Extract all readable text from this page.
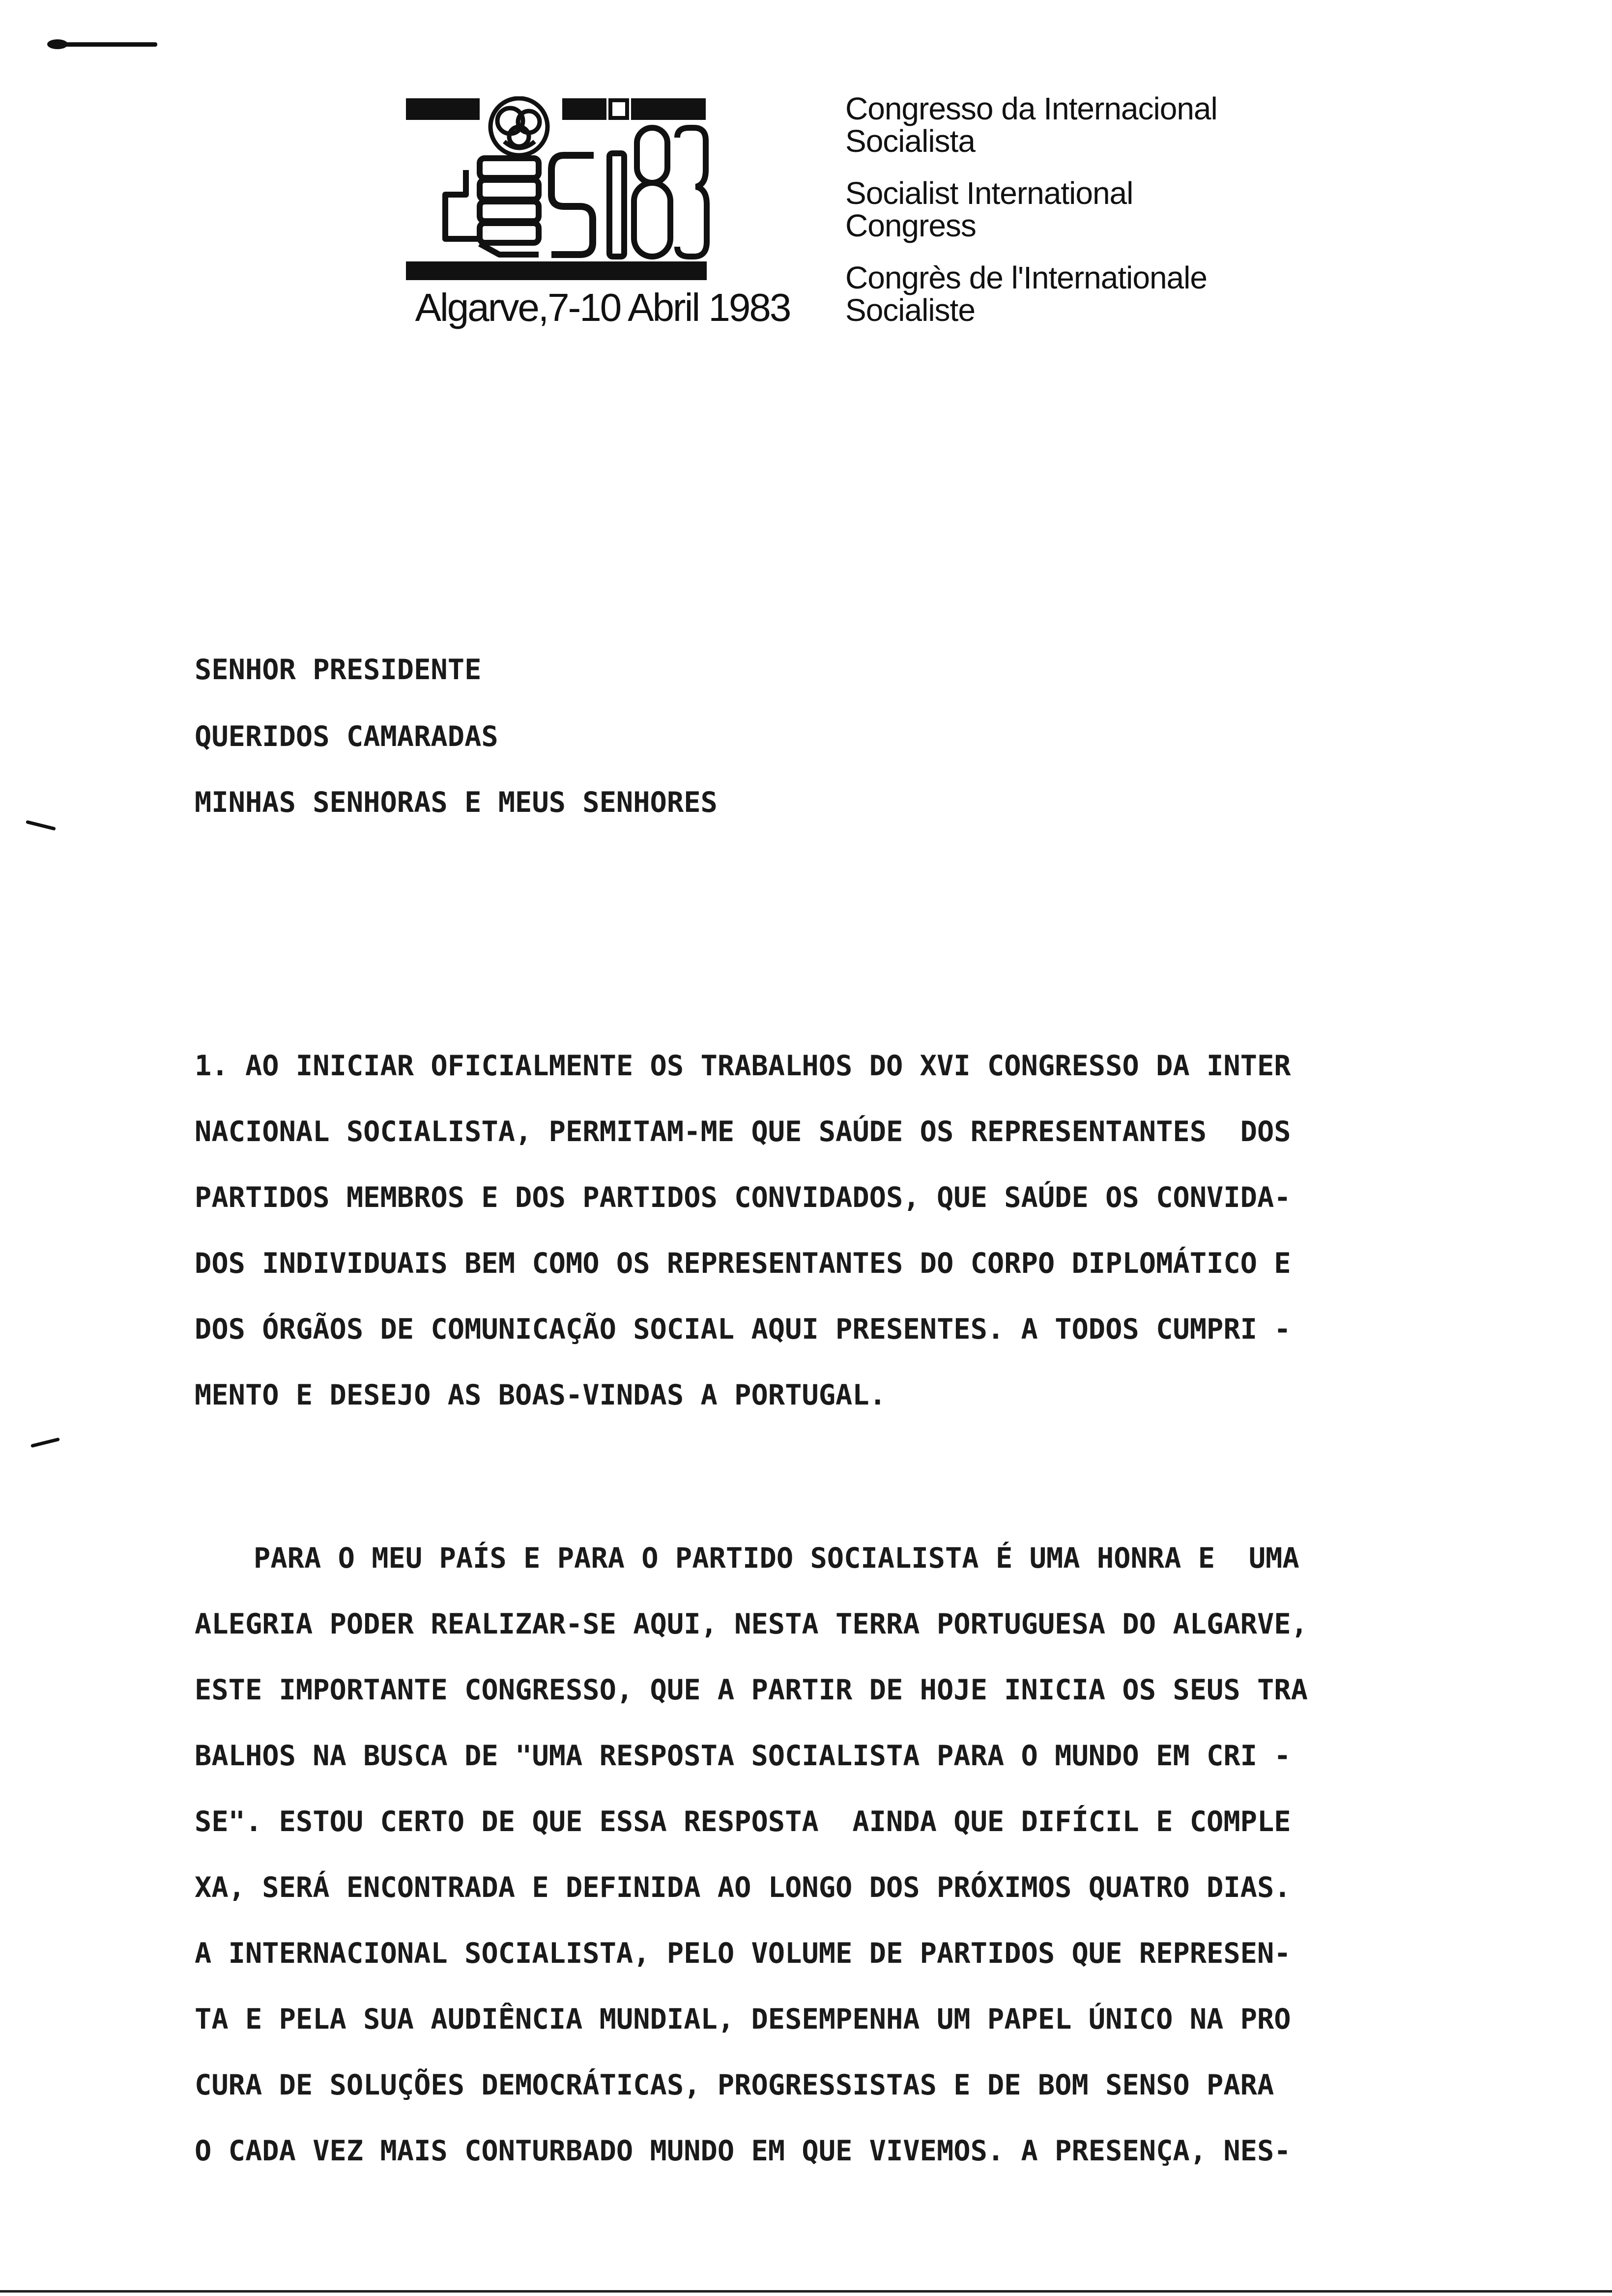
Algarve,7-10 Abril 1983
Congresso da Internacional
Socialista
Socialist International
Congress
Congrès de l'Internationale
Socialiste
SENHOR PRESIDENTE
QUERIDOS CAMARADAS
MINHAS SENHORAS E MEUS SENHORES
1. AO INICIAR OFICIALMENTE OS TRABALHOS DO XVI CONGRESSO DA INTER
NACIONAL SOCIALISTA, PERMITAM-ME QUE SAÚDE OS REPRESENTANTES  DOS
PARTIDOS MEMBROS E DOS PARTIDOS CONVIDADOS, QUE SAÚDE OS CONVIDA-
DOS INDIVIDUAIS BEM COMO OS REPRESENTANTES DO CORPO DIPLOMÁTICO E
DOS ÓRGÃOS DE COMUNICAÇÃO SOCIAL AQUI PRESENTES. A TODOS CUMPRI -
MENTO E DESEJO AS BOAS-VINDAS A PORTUGAL.
PARA O MEU PAÍS E PARA O PARTIDO SOCIALISTA É UMA HONRA E  UMA
ALEGRIA PODER REALIZAR-SE AQUI, NESTA TERRA PORTUGUESA DO ALGARVE,
ESTE IMPORTANTE CONGRESSO, QUE A PARTIR DE HOJE INICIA OS SEUS TRA
BALHOS NA BUSCA DE "UMA RESPOSTA SOCIALISTA PARA O MUNDO EM CRI -
SE". ESTOU CERTO DE QUE ESSA RESPOSTA  AINDA QUE DIFÍCIL E COMPLE
XA, SERÁ ENCONTRADA E DEFINIDA AO LONGO DOS PRÓXIMOS QUATRO DIAS.
A INTERNACIONAL SOCIALISTA, PELO VOLUME DE PARTIDOS QUE REPRESEN-
TA E PELA SUA AUDIÊNCIA MUNDIAL, DESEMPENHA UM PAPEL ÚNICO NA PRO
CURA DE SOLUÇÕES DEMOCRÁTICAS, PROGRESSISTAS E DE BOM SENSO PARA
O CADA VEZ MAIS CONTURBADO MUNDO EM QUE VIVEMOS. A PRESENÇA, NES-
